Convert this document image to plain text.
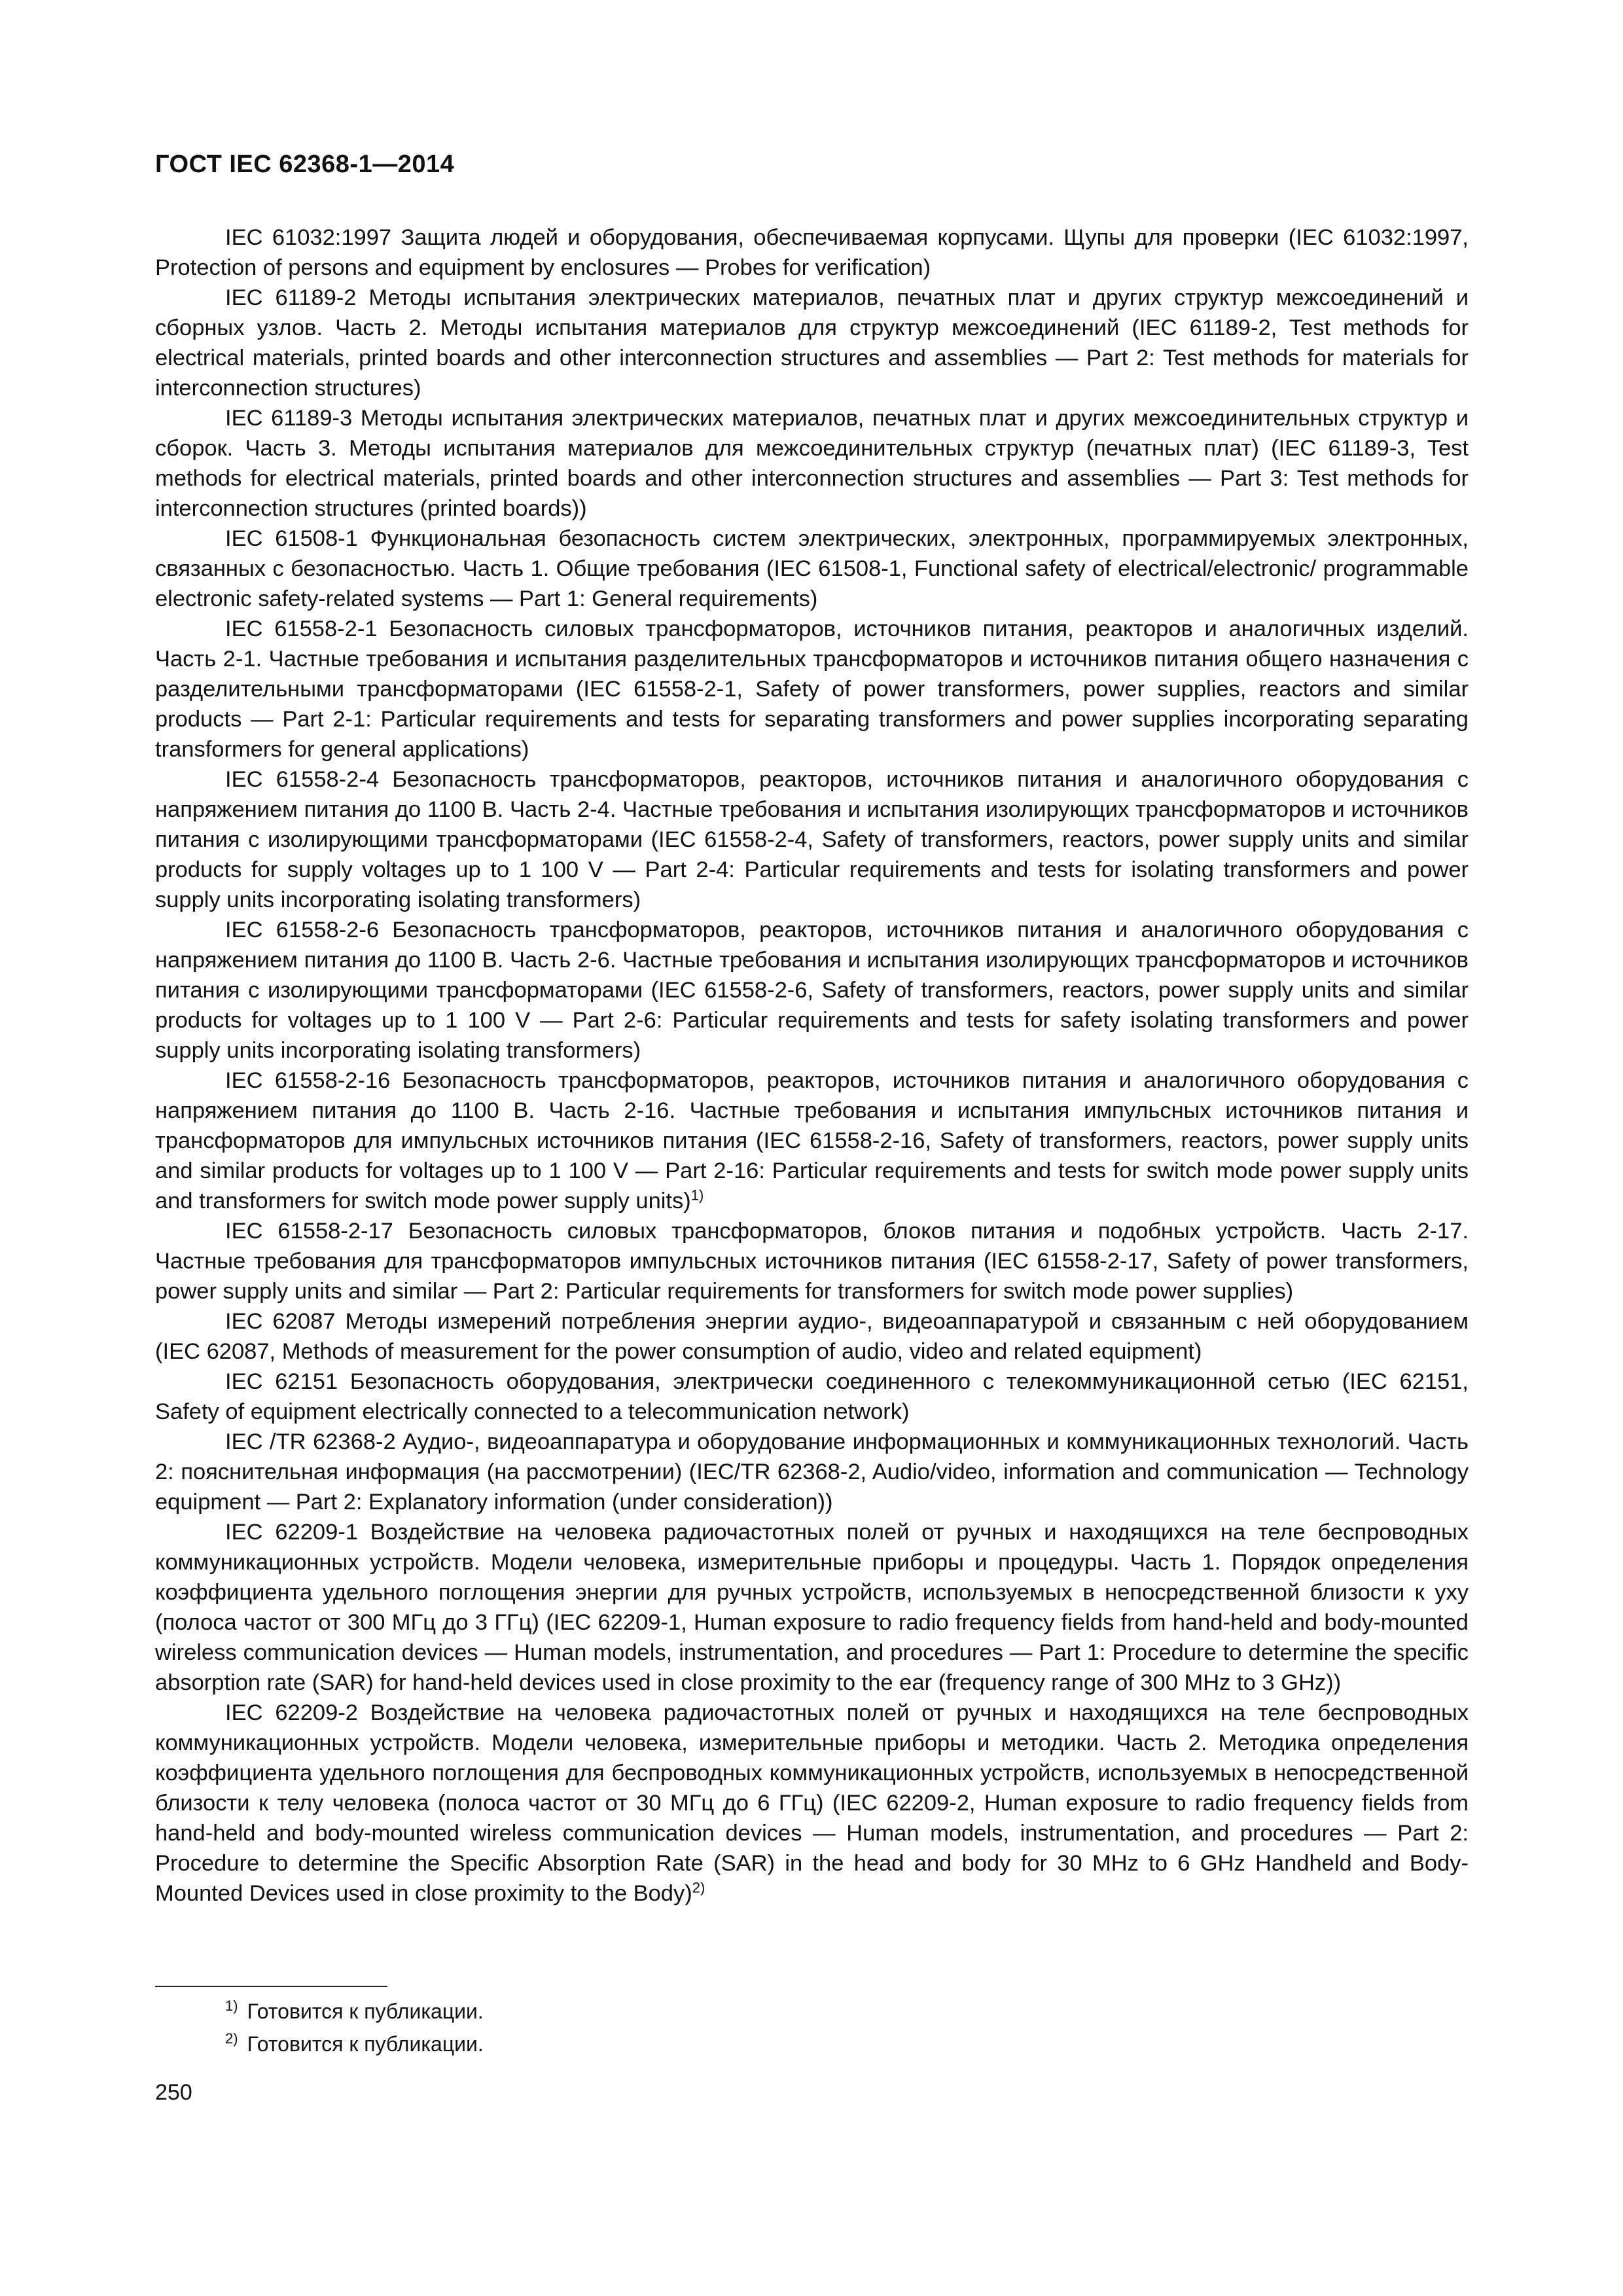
ГОСТ IEC 62368-1—2014

IEC 61032:1997 Защита людей и оборудования, обеспечиваемая корпусами. Щупы для проверки (IEC 61032:1997, Protection of persons and equipment by enclosures — Probes for verification)

IEC 61189-2 Методы испытания электрических материалов, печатных плат и других структур межсоединений и сборных узлов. Часть 2. Методы испытания материалов для структур межсоединений (IEC 61189-2, Test methods for electrical materials, printed boards and other interconnection structures and assemblies — Part 2: Test methods for materials for interconnection structures)

IEC 61189-3 Методы испытания электрических материалов, печатных плат и других межсоединительных структур и сборок. Часть 3. Методы испытания материалов для межсоединительных структур (печатных плат) (IEC 61189-3, Test methods for electrical materials, printed boards and other interconnection structures and assemblies — Part 3: Test methods for interconnection structures (printed boards))

IEC 61508-1 Функциональная безопасность систем электрических, электронных, программируемых электронных, связанных с безопасностью. Часть 1. Общие требования (IEC 61508-1, Functional safety of electrical/electronic/ programmable electronic safety-related systems — Part 1: General requirements)

IEC 61558-2-1 Безопасность силовых трансформаторов, источников питания, реакторов и аналогичных изделий. Часть 2-1. Частные требования и испытания разделительных трансформаторов и источников питания общего назначения с разделительными трансформаторами (IEC 61558-2-1, Safety of power transformers, power supplies, reactors and similar products — Part 2-1: Particular requirements and tests for separating transformers and power supplies incorporating separating transformers for general applications)

IEC 61558-2-4 Безопасность трансформаторов, реакторов, источников питания и аналогичного оборудования с напряжением питания до 1100 В. Часть 2-4. Частные требования и испытания изолирующих трансформаторов и источников питания с изолирующими трансформаторами (IEC 61558-2-4, Safety of transformers, reactors, power supply units and similar products for supply voltages up to 1 100 V — Part 2-4: Particular requirements and tests for isolating transformers and power supply units incorporating isolating transformers)

IEC 61558-2-6 Безопасность трансформаторов, реакторов, источников питания и аналогичного оборудования с напряжением питания до 1100 В. Часть 2-6. Частные требования и испытания изолирующих трансформаторов и источников питания с изолирующими трансформаторами (IEC 61558-2-6, Safety of transformers, reactors, power supply units and similar products for voltages up to 1 100 V — Part 2-6: Particular requirements and tests for safety isolating transformers and power supply units incorporating isolating transformers)

IEC 61558-2-16 Безопасность трансформаторов, реакторов, источников питания и аналогичного оборудования с напряжением питания до 1100 В. Часть 2-16. Частные требования и испытания импульсных источников питания и трансформаторов для импульсных источников питания (IEC 61558-2-16, Safety of transformers, reactors, power supply units and similar products for voltages up to 1 100 V — Part 2-16: Particular requirements and tests for switch mode power supply units and transformers for switch mode power supply units)$^{1)}$

IEC 61558-2-17 Безопасность силовых трансформаторов, блоков питания и подобных устройств. Часть 2-17. Частные требования для трансформаторов импульсных источников питания (IEC 61558-2-17, Safety of power transformers, power supply units and similar — Part 2: Particular requirements for transformers for switch mode power supplies)

IEC 62087 Методы измерений потребления энергии аудио-, видеоаппаратурой и связанным с ней оборудованием (IEC 62087, Methods of measurement for the power consumption of audio, video and related equipment)

IEC 62151 Безопасность оборудования, электрически соединенного с телекоммуникационной сетью (IEC 62151, Safety of equipment electrically connected to a telecommunication network)

IEC /TR 62368-2 Аудио-, видеоаппаратура и оборудование информационных и коммуникационных технологий. Часть 2: пояснительная информация (на рассмотрении) (IEC/TR 62368-2, Audio/video, information and communication — Technology equipment — Part 2: Explanatory information (under consideration))

IEC 62209-1 Воздействие на человека радиочастотных полей от ручных и находящихся на теле беспроводных коммуникационных устройств. Модели человека, измерительные приборы и процедуры. Часть 1. Порядок определения коэффициента удельного поглощения энергии для ручных устройств, используемых в непосредственной близости к уху (полоса частот от 300 МГц до 3 ГГц) (IEC 62209-1, Human exposure to radio frequency fields from hand-held and body-mounted wireless communication devices — Human models, instrumentation, and procedures — Part 1: Procedure to determine the specific absorption rate (SAR) for hand-held devices used in close proximity to the ear (frequency range of 300 MHz to 3 GHz))

IEC 62209-2 Воздействие на человека радиочастотных полей от ручных и находящихся на теле беспроводных коммуникационных устройств. Модели человека, измерительные приборы и методики. Часть 2. Методика определения коэффициента удельного поглощения для беспроводных коммуникационных устройств, используемых в непосредственной близости к телу человека (полоса частот от 30 МГц до 6 ГГц) (IEC 62209-2, Human exposure to radio frequency fields from hand-held and body-mounted wireless communication devices — Human models, instrumentation, and procedures — Part 2: Procedure to determine the Specific Absorption Rate (SAR) in the head and body for 30 MHz to 6 GHz Handheld and Body-Mounted Devices used in close proximity to the Body)$^{2)}$

$^{1)}$ Готовится к публикации.

$^{2)}$ Готовится к публикации.

250
